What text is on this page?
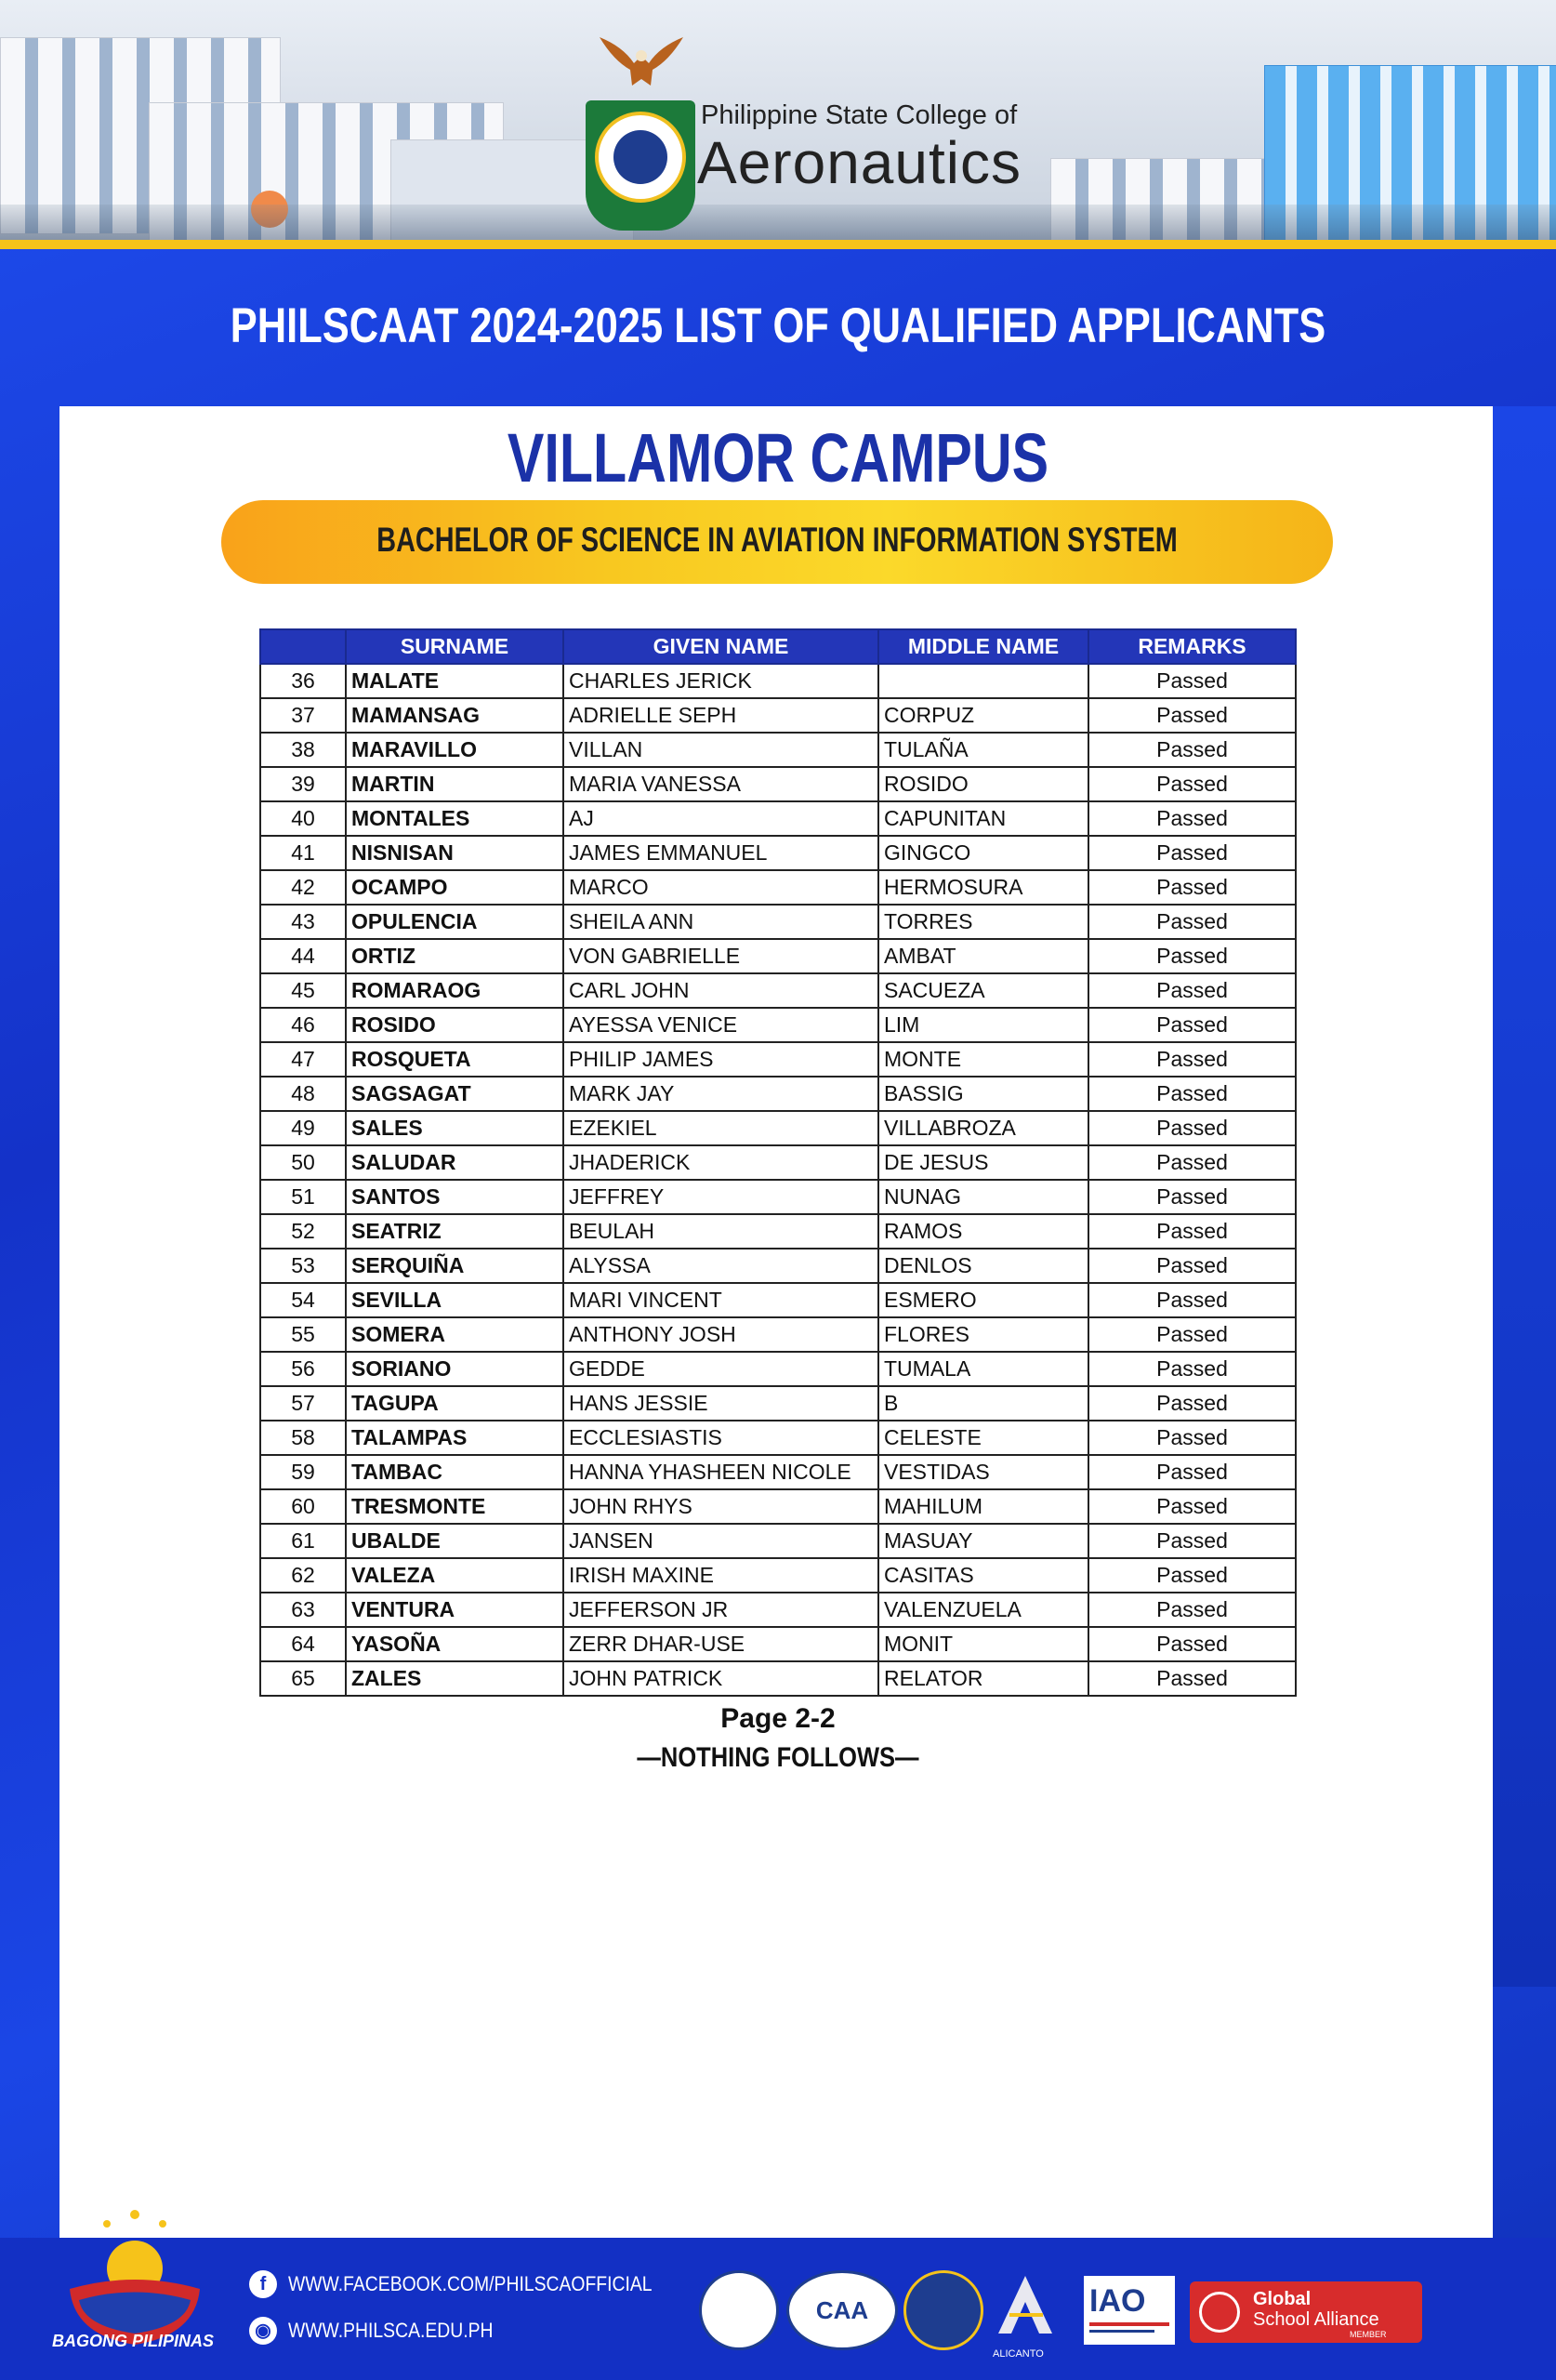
Philippine State College of
Aeronautics
PHILSCAAT 2024-2025 LIST OF QUALIFIED APPLICANTS
VILLAMOR CAMPUS
BACHELOR OF SCIENCE IN AVIATION INFORMATION SYSTEM
	SURNAME	GIVEN NAME	MIDDLE NAME	REMARKS
36	MALATE	CHARLES JERICK		Passed
37	MAMANSAG	ADRIELLE SEPH	CORPUZ	Passed
38	MARAVILLO	VILLAN	TULAÑA	Passed
39	MARTIN	MARIA VANESSA	ROSIDO	Passed
40	MONTALES	AJ	CAPUNITAN	Passed
41	NISNISAN	JAMES EMMANUEL	GINGCO	Passed
42	OCAMPO	MARCO	HERMOSURA	Passed
43	OPULENCIA	SHEILA ANN	TORRES	Passed
44	ORTIZ	VON GABRIELLE	AMBAT	Passed
45	ROMARAOG	CARL JOHN	SACUEZA	Passed
46	ROSIDO	AYESSA VENICE	LIM	Passed
47	ROSQUETA	PHILIP JAMES	MONTE	Passed
48	SAGSAGAT	MARK JAY	BASSIG	Passed
49	SALES	EZEKIEL	VILLABROZA	Passed
50	SALUDAR	JHADERICK	DE JESUS	Passed
51	SANTOS	JEFFREY	NUNAG	Passed
52	SEATRIZ	BEULAH	RAMOS	Passed
53	SERQUIÑA	ALYSSA	DENLOS	Passed
54	SEVILLA	MARI VINCENT	ESMERO	Passed
55	SOMERA	ANTHONY JOSH	FLORES	Passed
56	SORIANO	GEDDE	TUMALA	Passed
57	TAGUPA	HANS JESSIE	B	Passed
58	TALAMPAS	ECCLESIASTIS	CELESTE	Passed
59	TAMBAC	HANNA YHASHEEN NICOLE	VESTIDAS	Passed
60	TRESMONTE	JOHN RHYS	MAHILUM	Passed
61	UBALDE	JANSEN	MASUAY	Passed
62	VALEZA	IRISH MAXINE	CASITAS	Passed
63	VENTURA	JEFFERSON JR	VALENZUELA	Passed
64	YASOÑA	ZERR DHAR-USE	MONIT	Passed
65	ZALES	JOHN PATRICK	RELATOR	Passed
Page 2-2
—NOTHING FOLLOWS—
BAGONG PILIPINAS
f WWW.FACEBOOK.COM/PHILSCAOFFICIAL
◉ WWW.PHILSCA.EDU.PH
CAA
ALICANTO
IAO	Global
School Alliance
MEMBER
